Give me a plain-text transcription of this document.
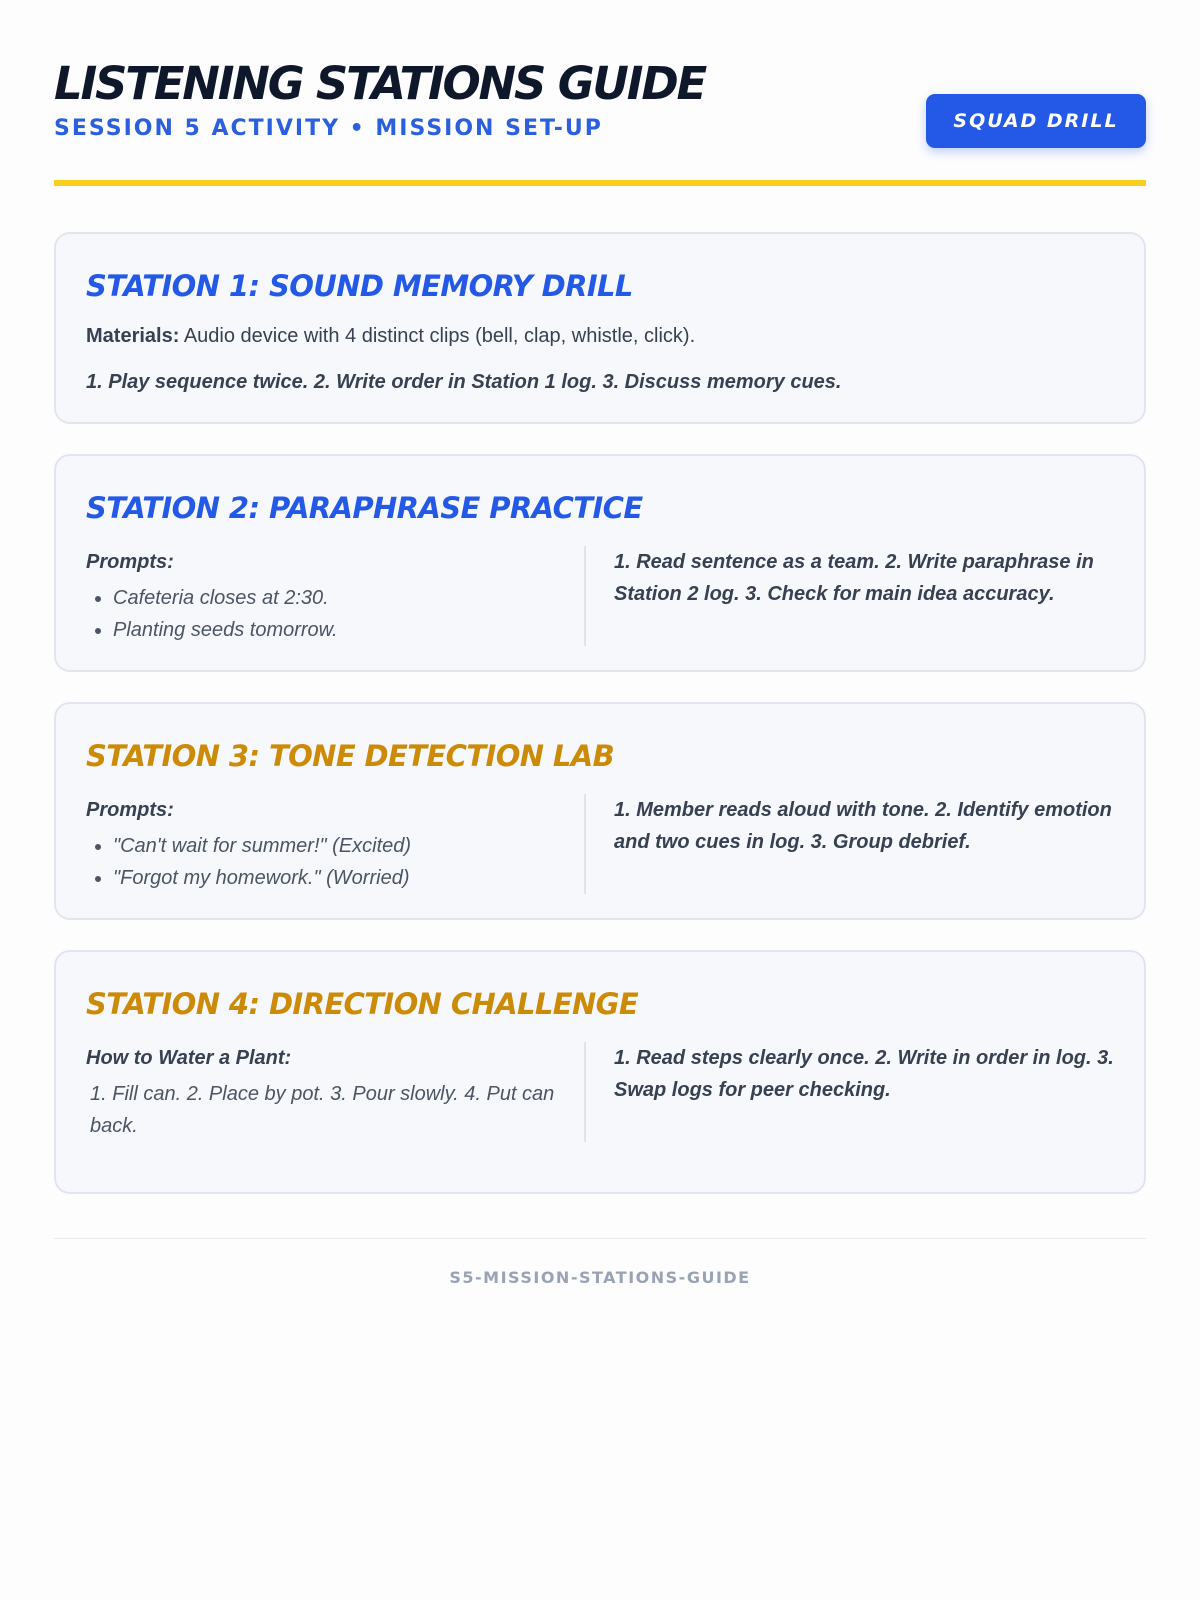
LISTENING STATIONS GUIDE
SESSION 5 ACTIVITY • MISSION SET-UP	SQUAD DRILL
STATION 1: SOUND MEMORY DRILL
Materials: Audio device with 4 distinct clips (bell, clap, whistle, click).
1. Play sequence twice. 2. Write order in Station 1 log. 3. Discuss memory cues.
STATION 2: PARAPHRASE PRACTICE
Prompts:
• Cafeteria closes at 2:30.
• Planting seeds tomorrow.
1. Read sentence as a team. 2. Write paraphrase in Station 2 log. 3. Check for main idea accuracy.
STATION 3: TONE DETECTION LAB
Prompts:
• "Can't wait for summer!" (Excited)
• "Forgot my homework." (Worried)
1. Member reads aloud with tone. 2. Identify emotion and two cues in log. 3. Group debrief.
STATION 4: DIRECTION CHALLENGE
How to Water a Plant:
1. Fill can. 2. Place by pot. 3. Pour slowly. 4. Put can back.
1. Read steps clearly once. 2. Write in order in log. 3. Swap logs for peer checking.
S5-MISSION-STATIONS-GUIDE
